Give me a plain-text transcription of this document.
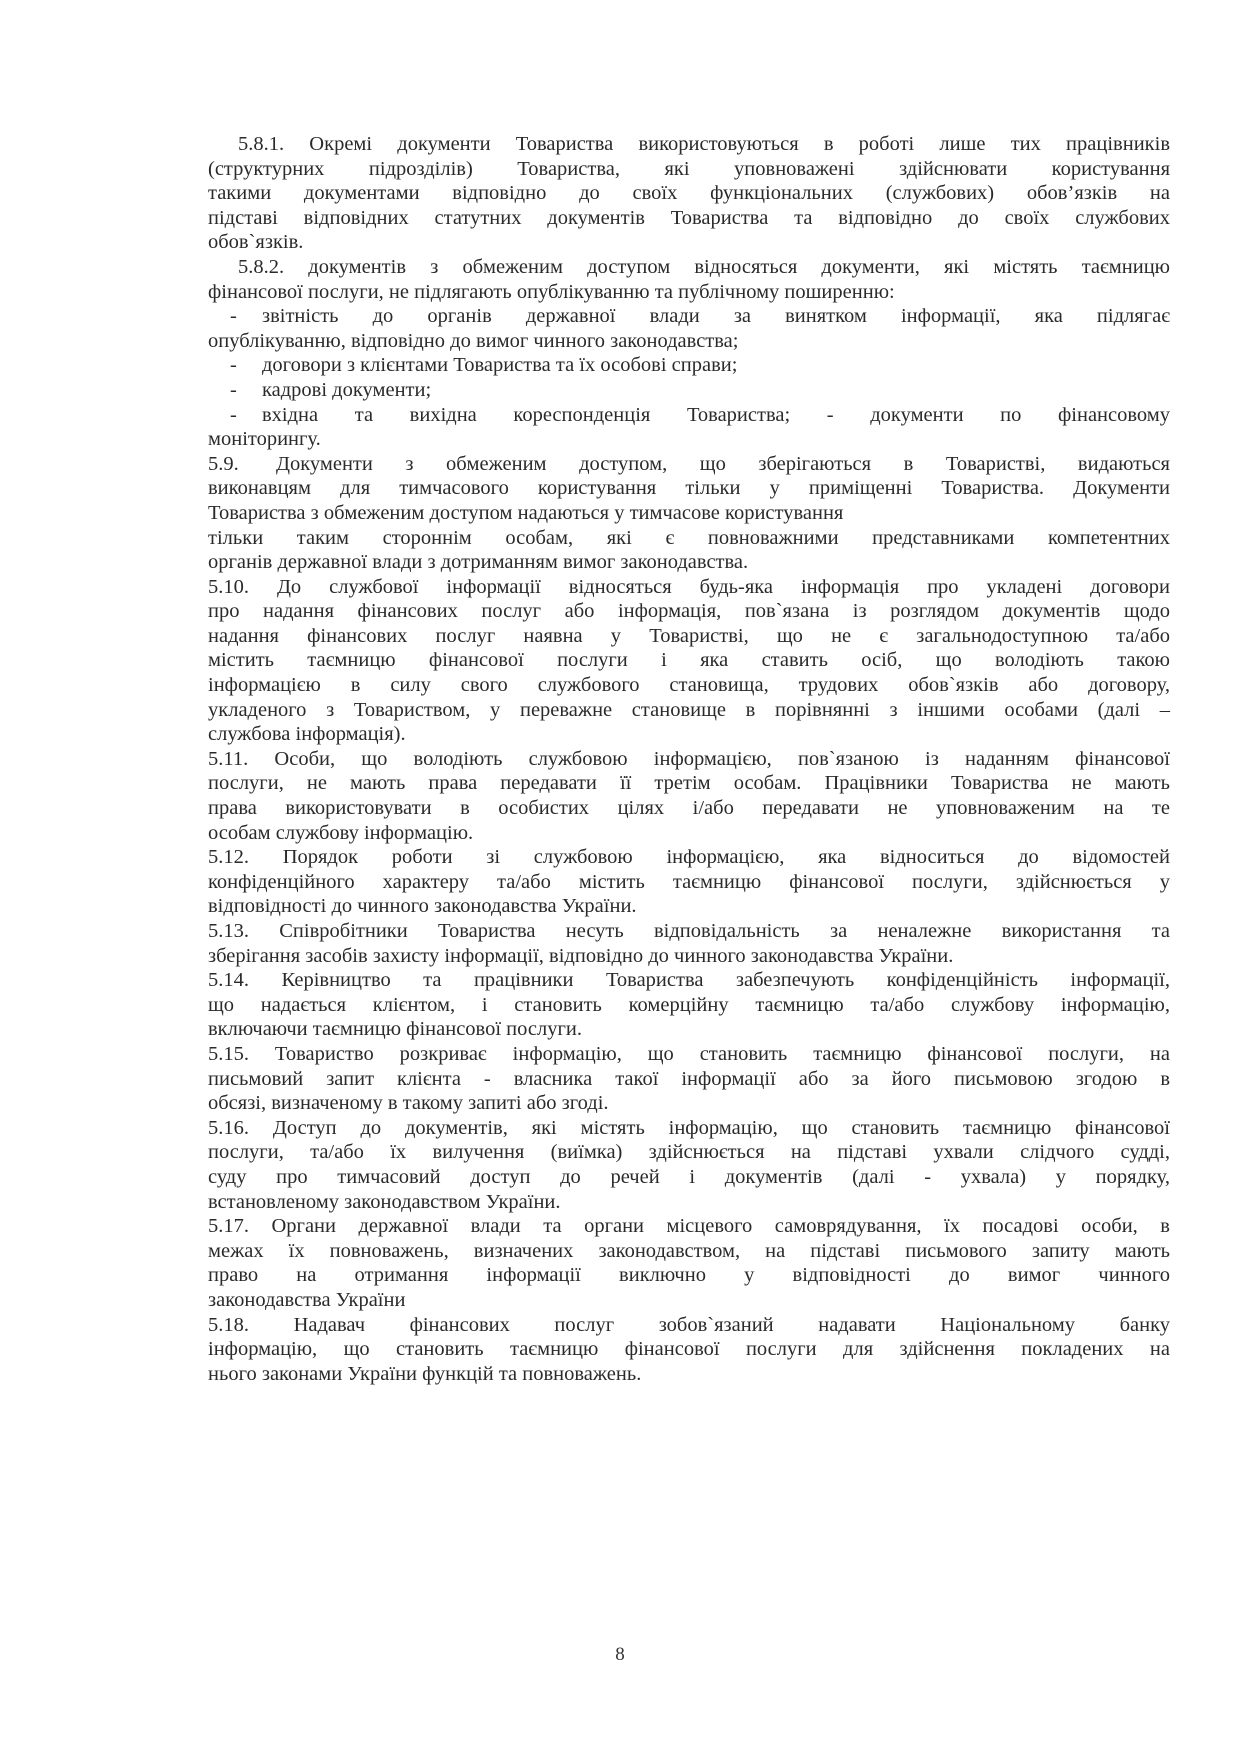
5.8.1. Окремі документи Товариства використовуються в роботі лише тих працівників
(структурних підрозділів) Товариства, які уповноважені здійснювати користування
такими документами відповідно до своїх функціональних (службових) обов’язків на
підставі відповідних статутних документів Товариства та відповідно до своїх службових
обов`язків.
5.8.2. документів з обмеженим доступом відносяться документи, які містять таємницю
фінансової послуги, не підлягають опублікуванню та публічному поширенню:
-	звітність до органів державної влади за винятком інформації, яка підлягає
опублікуванню, відповідно до вимог чинного законодавства;
-	договори з клієнтами Товариства та їх особові справи;
-	кадрові документи;
-	вхідна та вихідна кореспонденція Товариства; - документи по фінансовому
моніторингу.
5.9.	Документи з обмеженим доступом, що зберігаються в Товаристві, видаються
виконавцям для тимчасового користування тільки у приміщенні Товариства. Документи
Товариства з обмеженим доступом надаються у тимчасове користування
тільки таким стороннім особам, які є повноважними представниками компетентних
органів державної влади з дотриманням вимог законодавства.
5.10. До службової інформації відносяться будь-яка інформація про укладені договори
про надання фінансових послуг або інформація, пов`язана із розглядом документів щодо
надання фінансових послуг наявна у Товаристві, що не є загальнодоступною та/або
містить таємницю фінансової послуги і яка ставить осіб, що володіють такою
інформацією в силу свого службового становища, трудових обов`язків або договору,
укладеного з Товариством, у переважне становище в порівнянні з іншими особами (далі –
службова інформація).
5.11. Особи, що володіють службовою інформацією, пов`язаною із наданням фінансової
послуги, не мають права передавати її третім особам. Працівники Товариства не мають
права використовувати в особистих цілях і/або передавати не уповноваженим на те
особам службову інформацію.
5.12. Порядок роботи зі службовою інформацією, яка відноситься до відомостей
конфіденційного характеру та/або містить таємницю фінансової послуги, здійснюється у
відповідності до чинного законодавства України.
5.13. Співробітники Товариства несуть відповідальність за неналежне використання та
зберігання засобів захисту інформації, відповідно до чинного законодавства України.
5.14. Керівництво та працівники Товариства забезпечують конфіденційність інформації,
що надається клієнтом, і становить комерційну таємницю та/або службову інформацію,
включаючи таємницю фінансової послуги.
5.15. Товариство розкриває інформацію, що становить таємницю фінансової послуги, на
письмовий запит клієнта - власника такої інформації або за його письмовою згодою в
обсязі, визначеному в такому запиті або згоді.
5.16. Доступ до документів, які містять інформацію, що становить таємницю фінансової
послуги, та/або їх вилучення (виїмка) здійснюється на підставі ухвали слідчого судді,
суду про тимчасовий доступ до речей і документів (далі - ухвала) у порядку,
встановленому законодавством України.
5.17. Органи державної влади та органи місцевого самоврядування, їх посадові особи, в
межах їх повноважень, визначених законодавством, на підставі письмового запиту мають
право на отримання інформації виключно у відповідності до вимог чинного
законодавства України
5.18. Надавач фінансових послуг зобов`язаний надавати Національному банку
інформацію, що становить таємницю фінансової послуги для здійснення покладених на
нього законами України функцій та повноважень.
8
